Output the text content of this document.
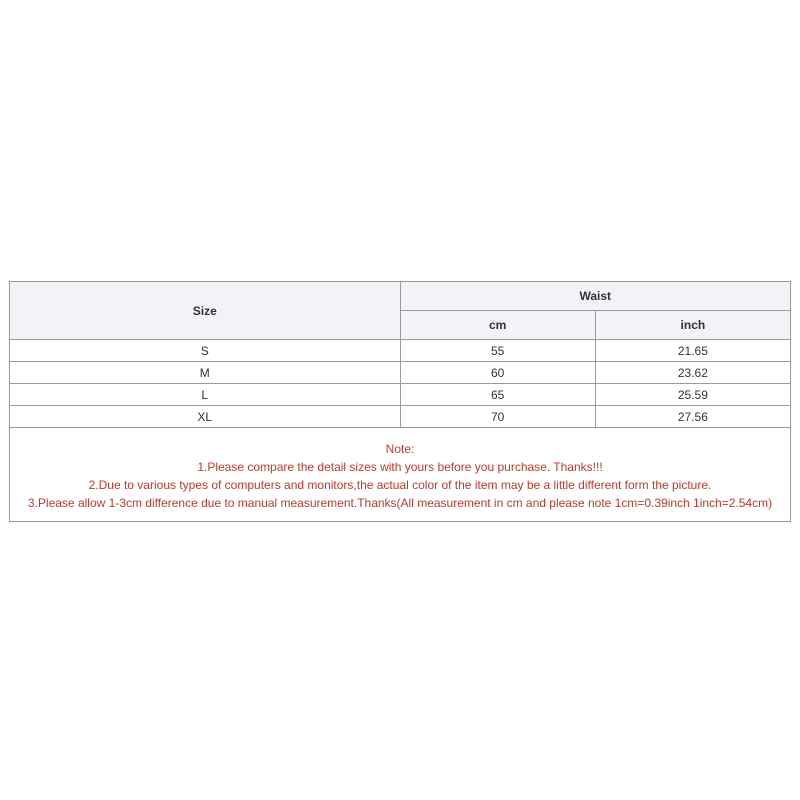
Size	Waist	
	cm	inch
S	55	21.65
M	60	23.62
L	65	25.59
XL	70	27.56

Note:
1.Please compare the detail sizes with yours before you purchase. Thanks!!!
2.Due to various types of computers and monitors,the actual color of the item may be a little different form the picture.
3.Please allow 1-3cm difference due to manual measurement.Thanks(All measurement in cm and please note 1cm=0.39inch 1inch=2.54cm)		
